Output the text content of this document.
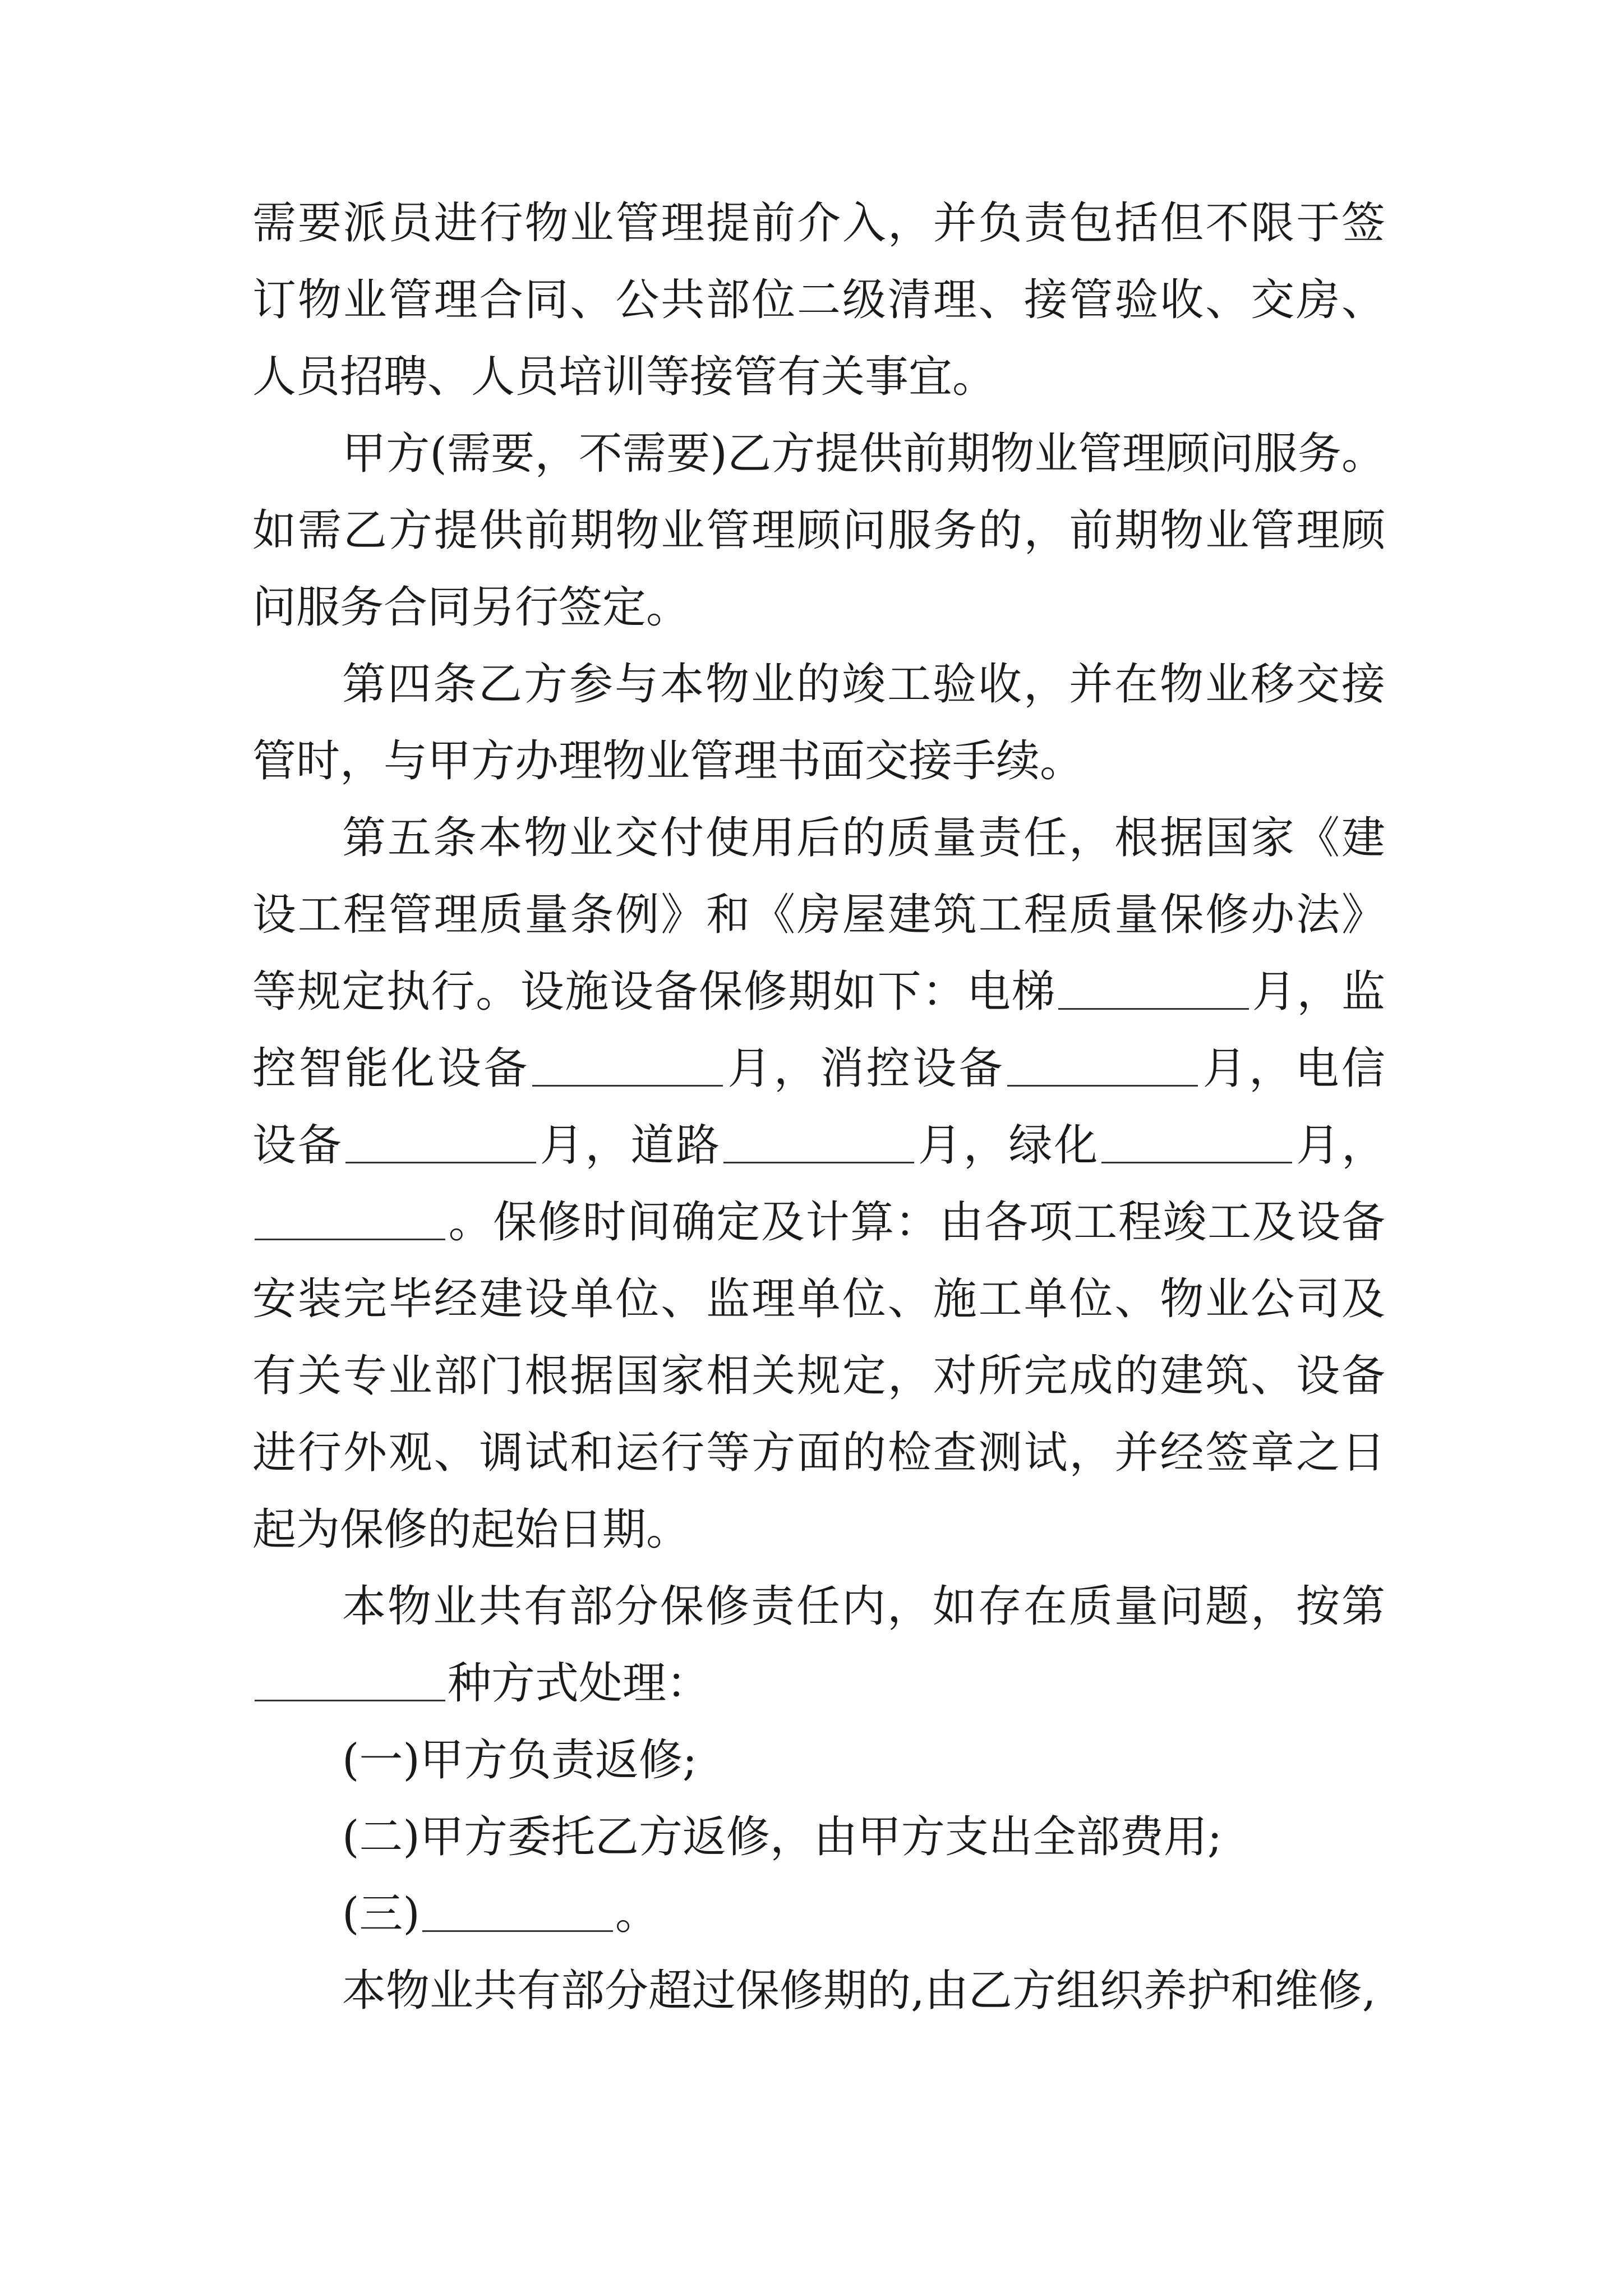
需要派员进行物业管理提前介入，并负责包括但不限于签订物业管理合同、公共部位二级清理、接管验收、交房、人员招聘、人员培训等接管有关事宜。

甲方(需要，不需要)乙方提供前期物业管理顾问服务。如需乙方提供前期物业管理顾问服务的，前期物业管理顾问服务合同另行签定。

第四条乙方参与本物业的竣工验收，并在物业移交接管时，与甲方办理物业管理书面交接手续。

第五条本物业交付使用后的质量责任，根据国家《建设工程管理质量条例》和《房屋建筑工程质量保修办法》等规定执行。设施设备保修期如下：电梯	月，监控智能化设备	月，消控设备	月，电信设备	月，道路	月，绿化	月，。保修时间确定及计算：由各项工程竣工及设备安装完毕经建设单位、监理单位、施工单位、物业公司及有关专业部门根据国家相关规定，对所完成的建筑、设备进行外观、调试和运行等方面的检查测试，并经签章之日起为保修的起始日期。

本物业共有部分保修责任内，如存在质量问题，按第种方式处理：

(一)甲方负责返修;

(二)甲方委托乙方返修，由甲方支出全部费用;

(三)	。

本物业共有部分超过保修期的,由乙方组织养护和维修,
